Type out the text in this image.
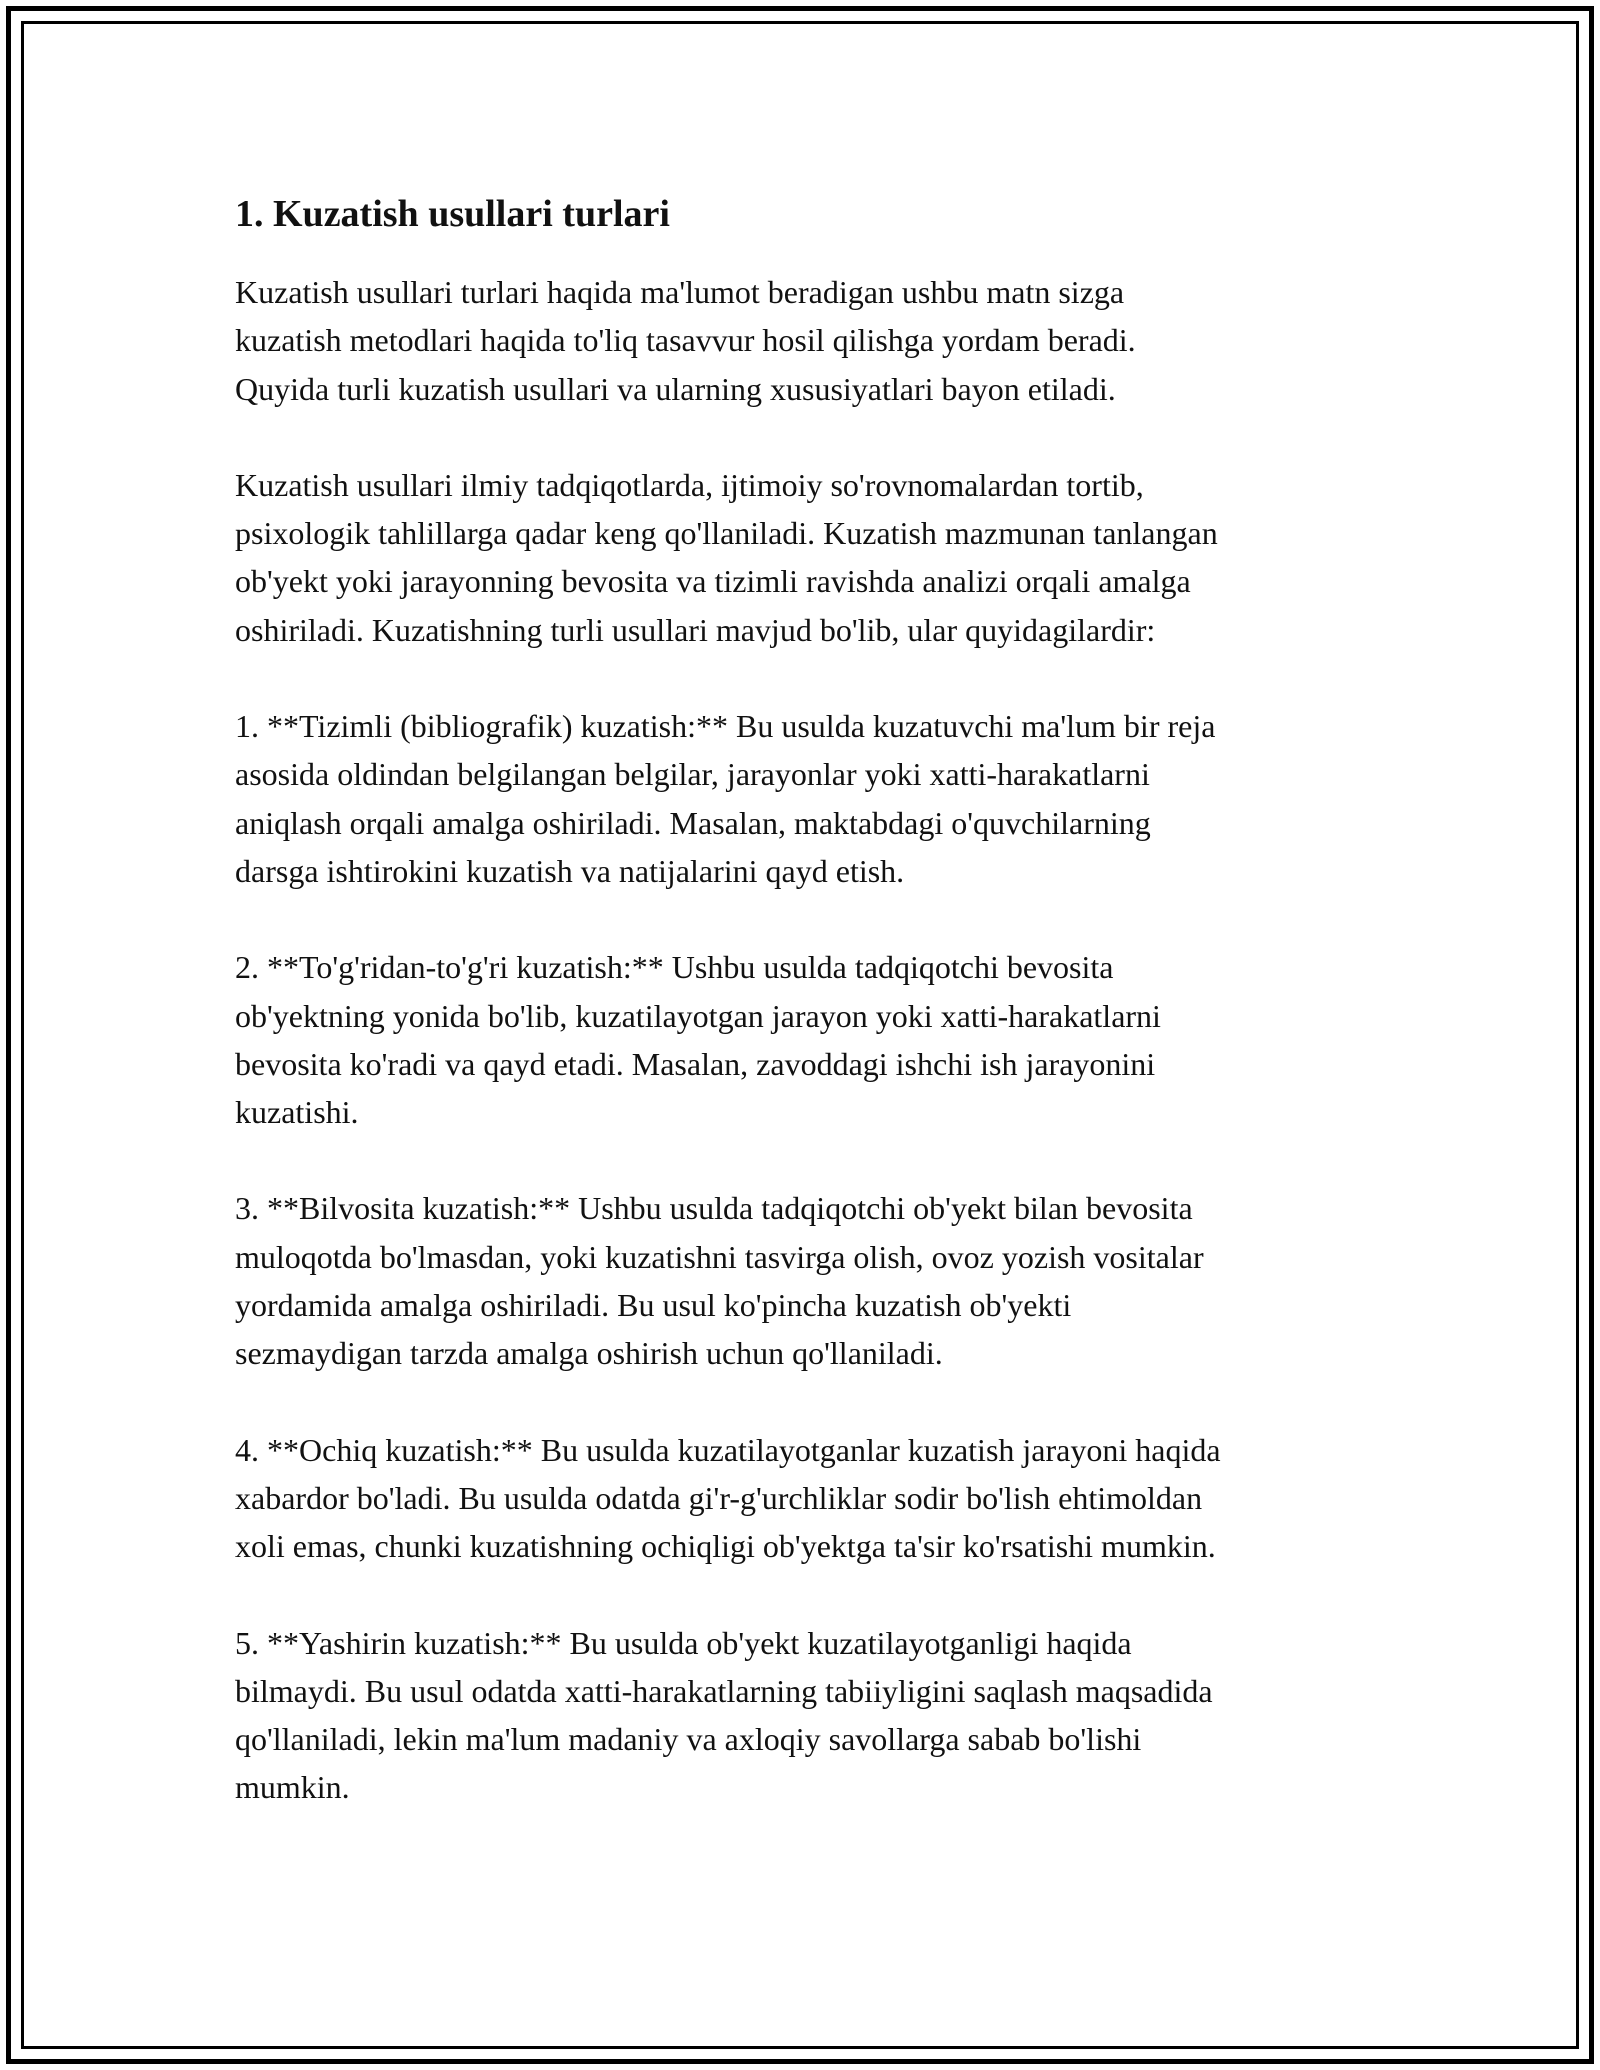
1. Kuzatish usullari turlari

Kuzatish usullari turlari haqida ma'lumot beradigan ushbu matn sizga
kuzatish metodlari haqida to'liq tasavvur hosil qilishga yordam beradi.
Quyida turli kuzatish usullari va ularning xususiyatlari bayon etiladi.

Kuzatish usullari ilmiy tadqiqotlarda, ijtimoiy so'rovnomalardan tortib,
psixologik tahlillarga qadar keng qo'llaniladi. Kuzatish mazmunan tanlangan
ob'yekt yoki jarayonning bevosita va tizimli ravishda analizi orqali amalga
oshiriladi. Kuzatishning turli usullari mavjud bo'lib, ular quyidagilardir:

1. **Tizimli (bibliografik) kuzatish:** Bu usulda kuzatuvchi ma'lum bir reja
asosida oldindan belgilangan belgilar, jarayonlar yoki xatti-harakatlarni
aniqlash orqali amalga oshiriladi. Masalan, maktabdagi o'quvchilarning
darsga ishtirokini kuzatish va natijalarini qayd etish.

2. **To'g'ridan-to'g'ri kuzatish:** Ushbu usulda tadqiqotchi bevosita
ob'yektning yonida bo'lib, kuzatilayotgan jarayon yoki xatti-harakatlarni
bevosita ko'radi va qayd etadi. Masalan, zavoddagi ishchi ish jarayonini
kuzatishi.

3. **Bilvosita kuzatish:** Ushbu usulda tadqiqotchi ob'yekt bilan bevosita
muloqotda bo'lmasdan, yoki kuzatishni tasvirga olish, ovoz yozish vositalar
yordamida amalga oshiriladi. Bu usul ko'pincha kuzatish ob'yekti
sezmaydigan tarzda amalga oshirish uchun qo'llaniladi.

4. **Ochiq kuzatish:** Bu usulda kuzatilayotganlar kuzatish jarayoni haqida
xabardor bo'ladi. Bu usulda odatda gi'r-g'urchliklar sodir bo'lish ehtimoldan
xoli emas, chunki kuzatishning ochiqligi ob'yektga ta'sir ko'rsatishi mumkin.

5. **Yashirin kuzatish:** Bu usulda ob'yekt kuzatilayotganligi haqida
bilmaydi. Bu usul odatda xatti-harakatlarning tabiiyligini saqlash maqsadida
qo'llaniladi, lekin ma'lum madaniy va axloqiy savollarga sabab bo'lishi
mumkin.
